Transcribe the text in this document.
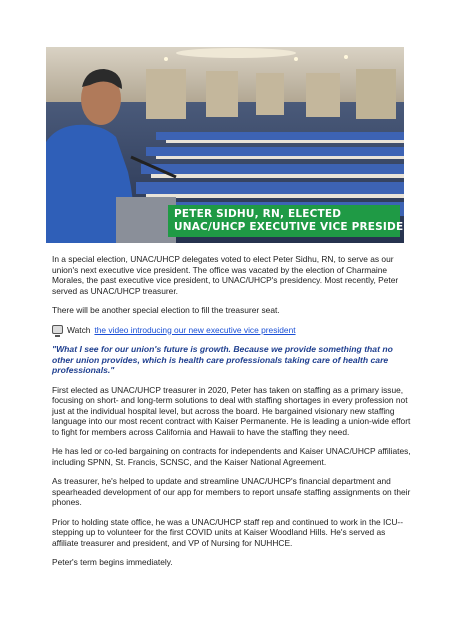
PETER SIDHU, RN, ELECTED
UNAC/UHCP EXECUTIVE VICE PRESIDENT

In a special election, UNAC/UHCP delegates voted to elect Peter Sidhu, RN, to serve as our union's next executive vice president. The office was vacated by the election of Charmaine Morales, the past executive vice president, to UNAC/UHCP's presidency. Most recently, Peter served as UNAC/UHCP treasurer.

There will be another special election to fill the treasurer seat.

Watch the video introducing our new executive vice president

"What I see for our union's future is growth. Because we provide something that no other union provides, which is health care professionals taking care of health care professionals."

First elected as UNAC/UHCP treasurer in 2020, Peter has taken on staffing as a primary issue, focusing on short- and long-term solutions to deal with staffing shortages in every profession not just at the individual hospital level, but across the board. He bargained visionary new staffing language into our most recent contract with Kaiser Permanente. He is leading a union-wide effort to fight for members across California and Hawaii to have the staffing they need.

He has led or co-led bargaining on contracts for independents and Kaiser UNAC/UHCP affiliates, including SPNN, St. Francis, SCNSC, and the Kaiser National Agreement.

As treasurer, he's helped to update and streamline UNAC/UHCP's financial department and spearheaded development of our app for members to report unsafe staffing assignments on their phones.

Prior to holding state office, he was a UNAC/UHCP staff rep and continued to work in the ICU--stepping up to volunteer for the first COVID units at Kaiser Woodland Hills. He's served as affiliate treasurer and president, and VP of Nursing for NUHHCE.

Peter's term begins immediately.
